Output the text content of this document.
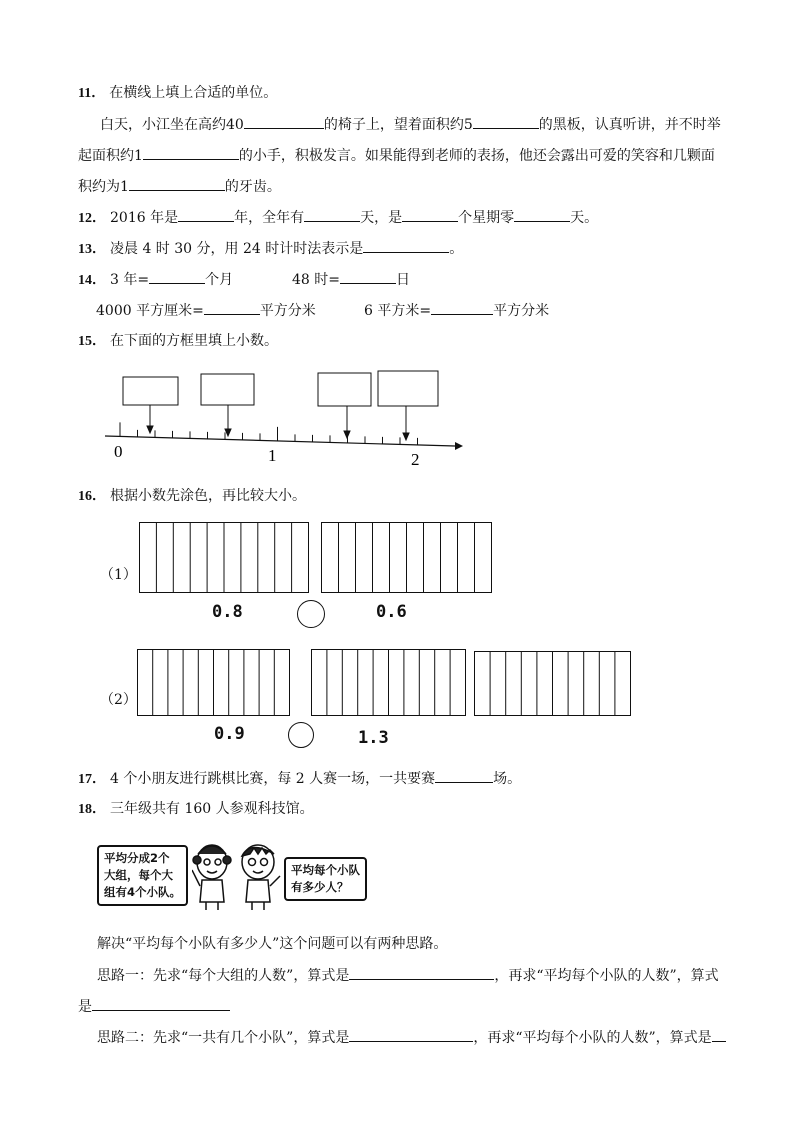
11． 在横线上填上合适的单位。
白天，小江坐在高约40	的椅子上，望着面积约5	的黑板，认真听讲，并不时举
起面积约1	的小手，积极发言。如果能得到老师的表扬，他还会露出可爱的笑容和几颗面
积约为1	的牙齿。
12． 2016 年是	年，全年有	天，是	个星期零	天。
13． 凌晨 4 时 30 分，用 24 时计时法表示是	。
14． 3 年=	个月	48 时=	日
4000 平方厘米=	平方分米	6 平方米=	平方分米
15． 在下面的方框里填上小数。
0	1	2
16． 根据小数先涂色，再比较大小。
（1）
0.8	0.6
（2）
0.9	1.3
17． 4 个小朋友进行跳棋比赛，每 2 人赛一场，一共要赛	场。
18． 三年级共有 160 人参观科技馆。
平均分成2个
大组，每个大
组有4个小队。
平均每个小队
有多少人？
解决“平均每个小队有多少人”这个问题可以有两种思路。
思路一：先求“每个大组的人数”，算式是	，再求“平均每个小队的人数”，算式
是
思路二：先求“一共有几个小队”，算式是	，再求“平均每个小队的人数”，算式是
